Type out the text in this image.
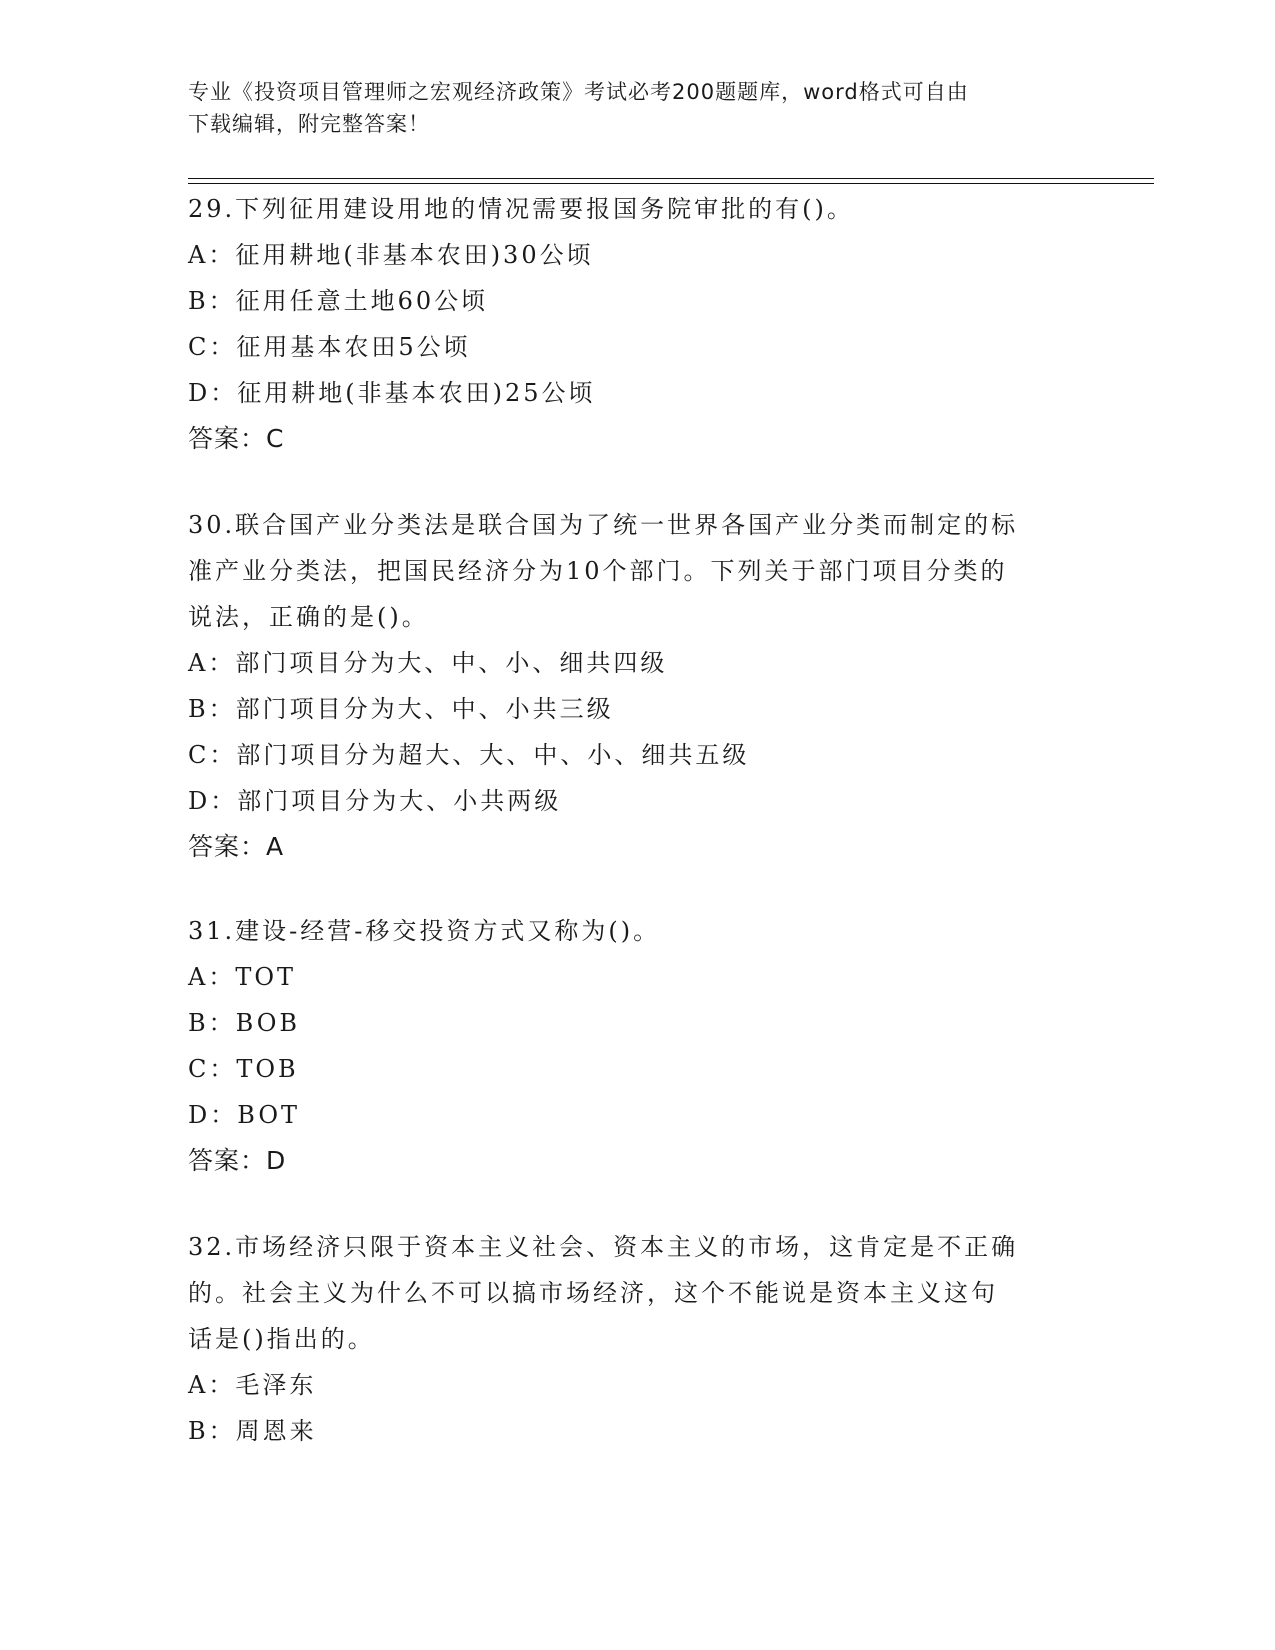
专业《投资项目管理师之宏观经济政策》考试必考200题题库，word格式可自由
下载编辑，附完整答案！
29.下列征用建设用地的情况需要报国务院审批的有()。
A：征用耕地(非基本农田)30公顷
B：征用任意土地60公顷
C：征用基本农田5公顷
D：征用耕地(非基本农田)25公顷
答案：C
30.联合国产业分类法是联合国为了统一世界各国产业分类而制定的标
准产业分类法，把国民经济分为10个部门。下列关于部门项目分类的
说法，正确的是()。
A：部门项目分为大、中、小、细共四级
B：部门项目分为大、中、小共三级
C：部门项目分为超大、大、中、小、细共五级
D：部门项目分为大、小共两级
答案：A
31.建设-经营-移交投资方式又称为()。
A：TOT
B：BOB
C：TOB
D：BOT
答案：D
32.市场经济只限于资本主义社会、资本主义的市场，这肯定是不正确
的。社会主义为什么不可以搞市场经济，这个不能说是资本主义这句
话是()指出的。
A：毛泽东
B：周恩来
